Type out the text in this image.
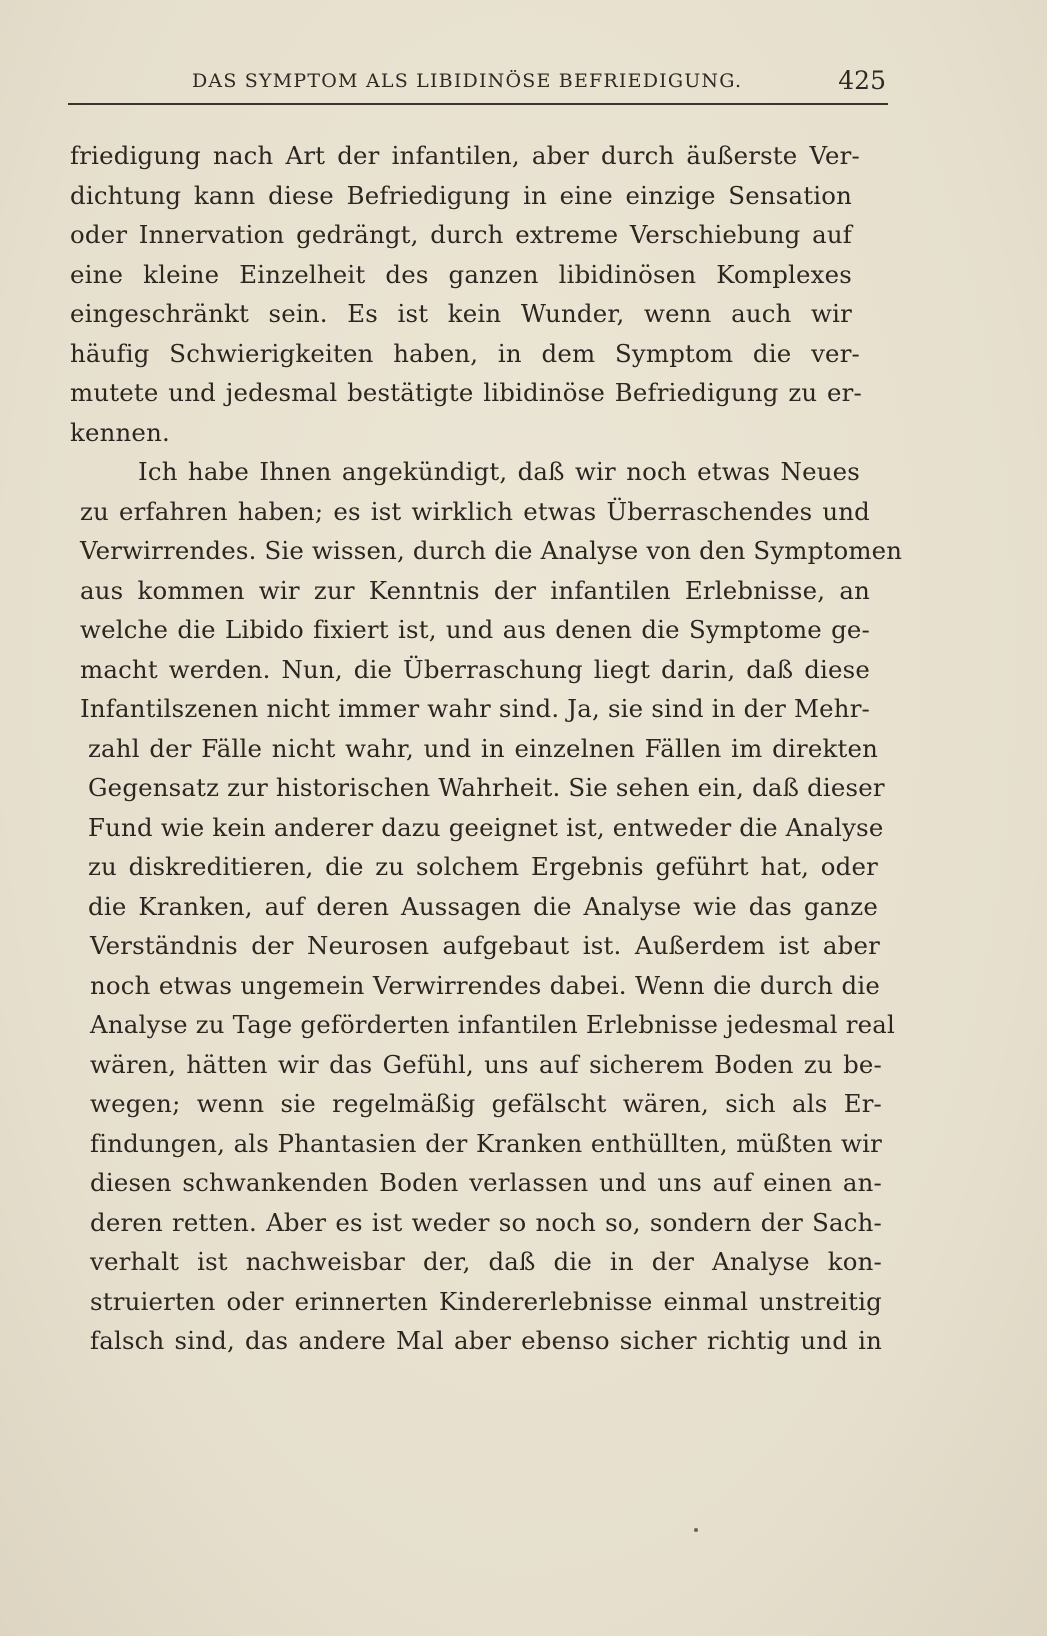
DAS SYMPTOM ALS LIBIDINÖSE BEFRIEDIGUNG.	425
friedigung nach Art der infantilen, aber durch äußerste Ver-
dichtung kann diese Befriedigung in eine einzige Sensation
oder Innervation gedrängt, durch extreme Verschiebung auf
eine kleine Einzelheit des ganzen libidinösen Komplexes
eingeschränkt sein. Es ist kein Wunder, wenn auch wir
häufig Schwierigkeiten haben, in dem Symptom die ver-
mutete und jedesmal bestätigte libidinöse Befriedigung zu er-
kennen.
Ich habe Ihnen angekündigt, daß wir noch etwas Neues
zu erfahren haben; es ist wirklich etwas Überraschendes und
Verwirrendes. Sie wissen, durch die Analyse von den Symptomen
aus kommen wir zur Kenntnis der infantilen Erlebnisse, an
welche die Libido fixiert ist, und aus denen die Symptome ge-
macht werden. Nun, die Überraschung liegt darin, daß diese
Infantilszenen nicht immer wahr sind. Ja, sie sind in der Mehr-
zahl der Fälle nicht wahr, und in einzelnen Fällen im direkten
Gegensatz zur historischen Wahrheit. Sie sehen ein, daß dieser
Fund wie kein anderer dazu geeignet ist, entweder die Analyse
zu diskreditieren, die zu solchem Ergebnis geführt hat, oder
die Kranken, auf deren Aussagen die Analyse wie das ganze
Verständnis der Neurosen aufgebaut ist. Außerdem ist aber
noch etwas ungemein Verwirrendes dabei. Wenn die durch die
Analyse zu Tage geförderten infantilen Erlebnisse jedesmal real
wären, hätten wir das Gefühl, uns auf sicherem Boden zu be-
wegen; wenn sie regelmäßig gefälscht wären, sich als Er-
findungen, als Phantasien der Kranken enthüllten, müßten wir
diesen schwankenden Boden verlassen und uns auf einen an-
deren retten. Aber es ist weder so noch so, sondern der Sach-
verhalt ist nachweisbar der, daß die in der Analyse kon-
struierten oder erinnerten Kindererlebnisse einmal unstreitig
falsch sind, das andere Mal aber ebenso sicher richtig und in
